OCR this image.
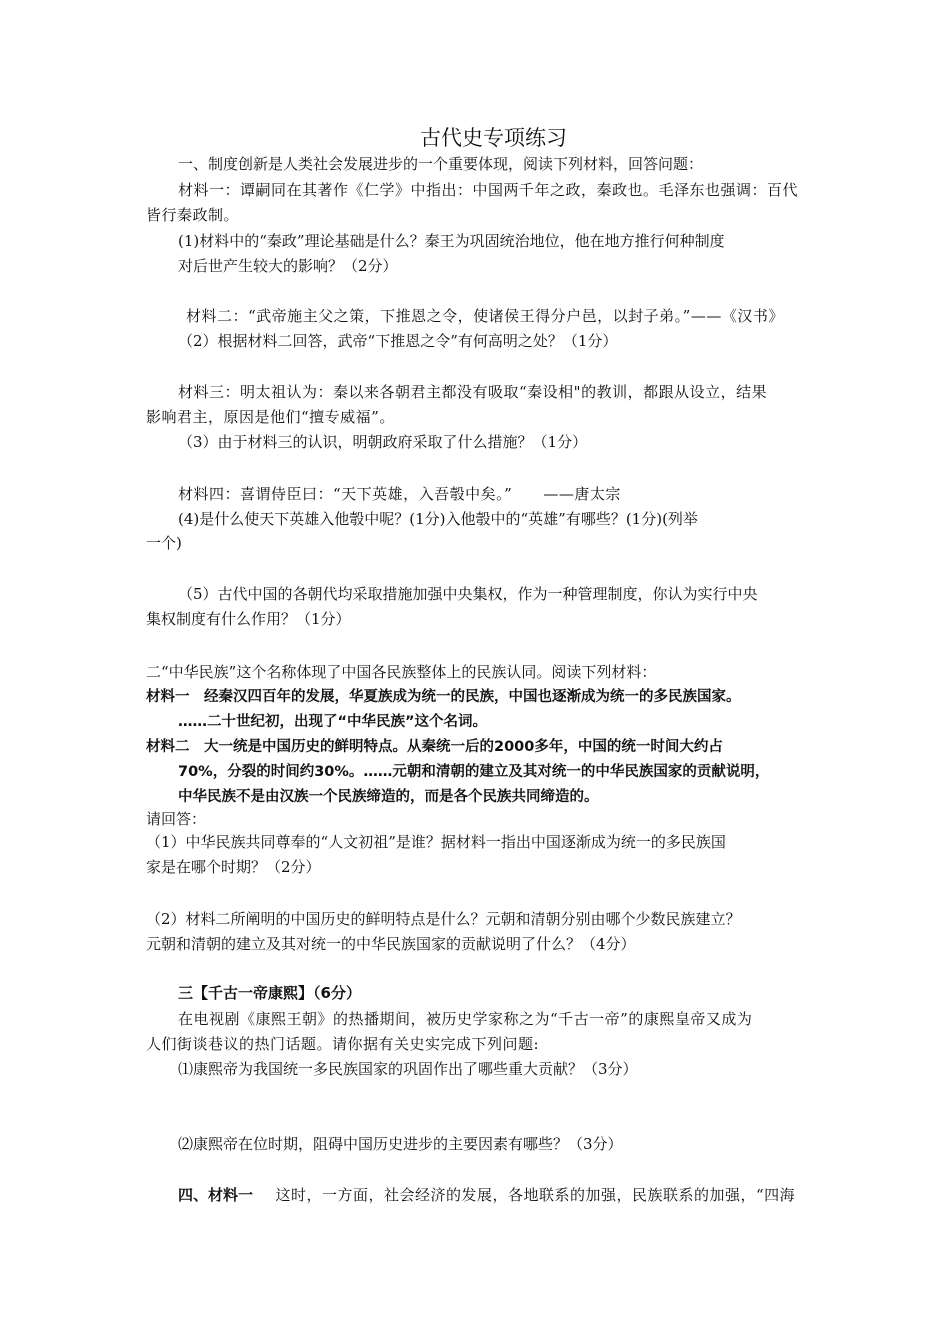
古代史专项练习
一、制度创新是人类社会发展进步的一个重要体现，阅读下列材料，回答问题：
材料一：谭嗣同在其著作《仁学》中指出：中国两千年之政，秦政也。毛泽东也强调：百代
皆行秦政制。
(1)材料中的“秦政”理论基础是什么？秦王为巩固统治地位，他在地方推行何种制度
对后世产生较大的影响？（2分）
材料二：“武帝施主父之策，下推恩之令，使诸侯王得分户邑，以封子弟。”——《汉书》
（2）根据材料二回答，武帝“下推恩之令”有何高明之处？（1分）
材料三：明太祖认为：秦以来各朝君主都没有吸取“秦设相"的教训，都跟从设立，结果
影响君主，原因是他们“擅专威福”。
（3）由于材料三的认识，明朝政府采取了什么措施？（1分）
材料四：喜谓侍臣曰：“天下英雄，入吾彀中矣。”　　——唐太宗
(4)是什么使天下英雄入他彀中呢？(1分)入他彀中的“英雄”有哪些？(1分)(列举
一个)
（5）古代中国的各朝代均采取措施加强中央集权，作为一种管理制度，你认为实行中央
集权制度有什么作用？（1分）
二“中华民族”这个名称体现了中国各民族整体上的民族认同。阅读下列材料：
材料一　经秦汉四百年的发展，华夏族成为统一的民族，中国也逐渐成为统一的多民族国家。
……二十世纪初，出现了“中华民族”这个名词。
材料二　大一统是中国历史的鲜明特点。从秦统一后的2000多年，中国的统一时间大约占
70%，分裂的时间约30%。……元朝和清朝的建立及其对统一的中华民族国家的贡献说明，
中华民族不是由汉族一个民族缔造的，而是各个民族共同缔造的。
请回答：
（1）中华民族共同尊奉的“人文初祖”是谁？据材料一指出中国逐渐成为统一的多民族国
家是在哪个时期？（2分）
（2）材料二所阐明的中国历史的鲜明特点是什么？元朝和清朝分别由哪个少数民族建立？
元朝和清朝的建立及其对统一的中华民族国家的贡献说明了什么？（4分）
三【千古一帝康熙】（6分）
在电视剧《康熙王朝》的热播期间，被历史学家称之为“千古一帝”的康熙皇帝又成为
人们街谈巷议的热门话题。请你据有关史实完成下列问题:
⑴康熙帝为我国统一多民族国家的巩固作出了哪些重大贡献？（3分）
⑵康熙帝在位时期，阻碍中国历史进步的主要因素有哪些？（3分）
四、材料一 　这时，一方面，社会经济的发展，各地联系的加强，民族联系的加强，“四海
